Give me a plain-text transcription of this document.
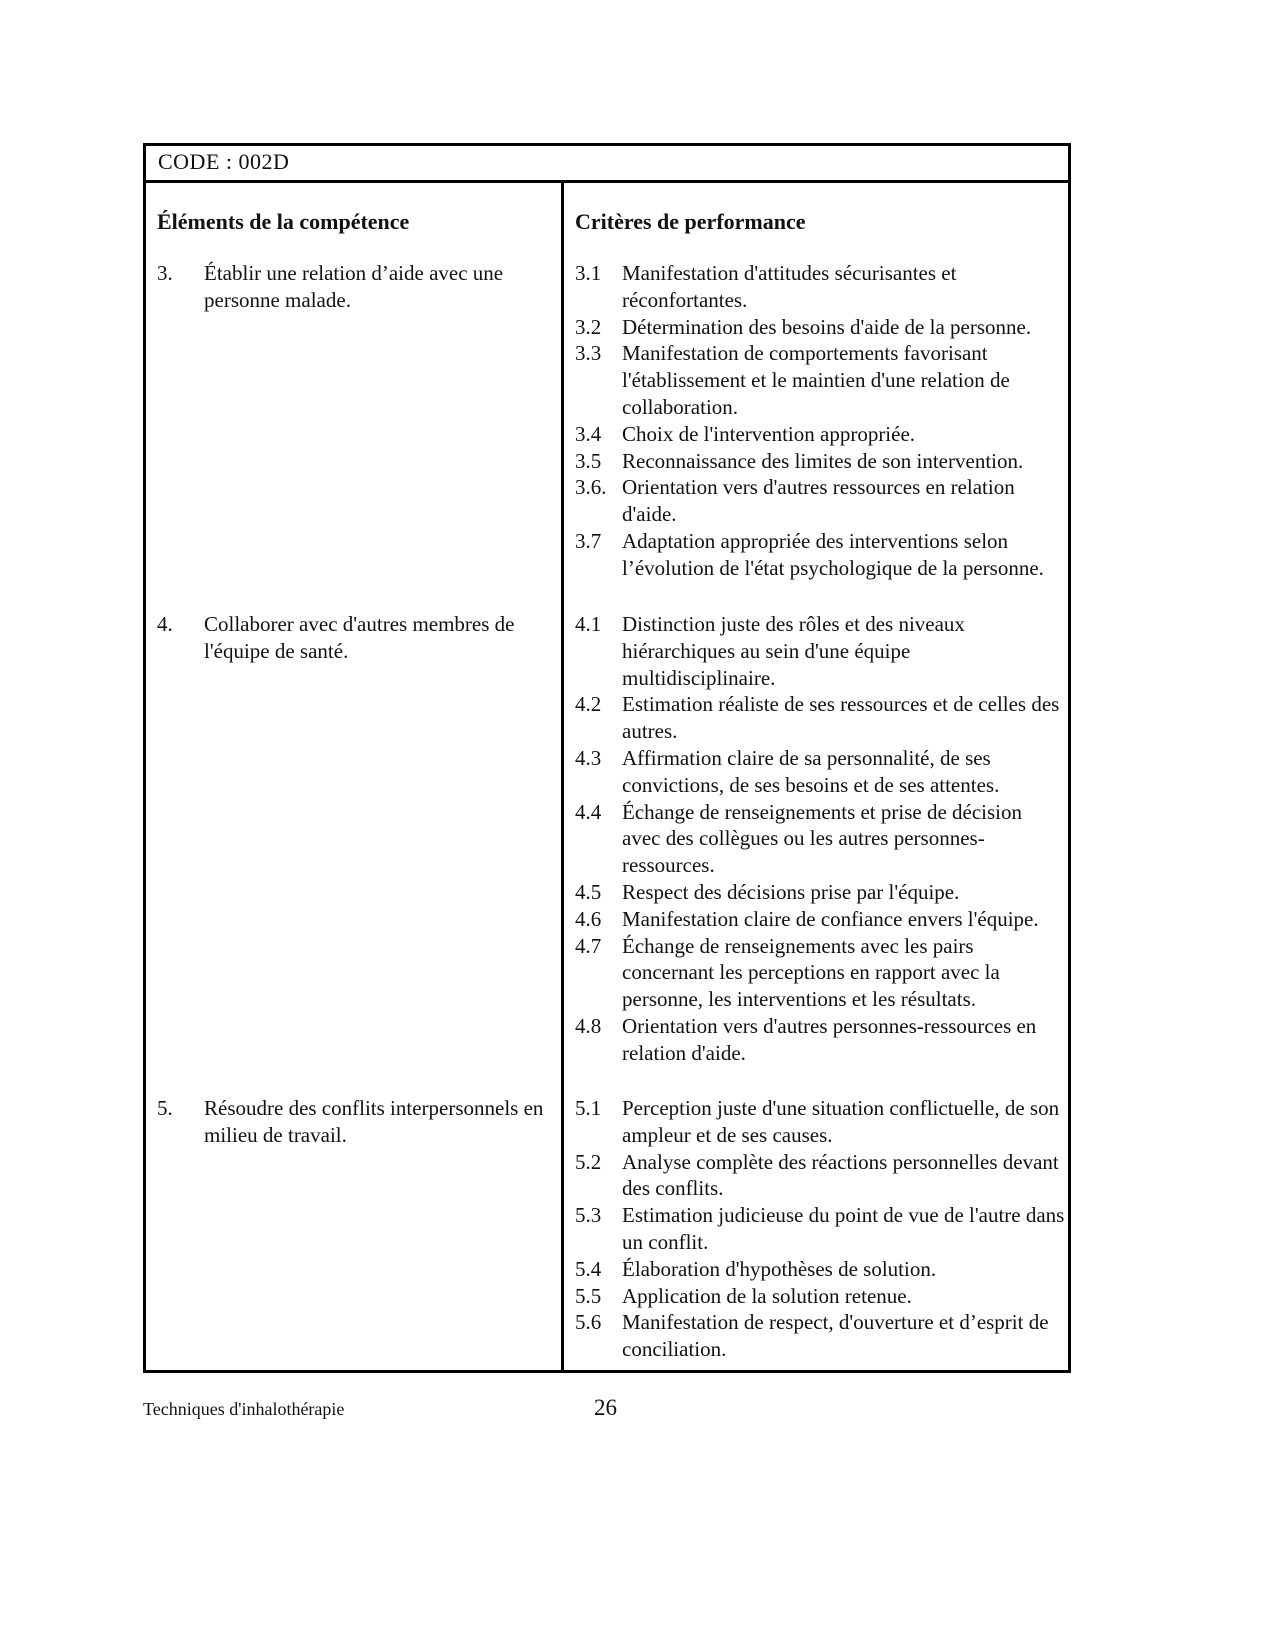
CODE : 002D
Éléments de la compétence
3. Établir une relation d’aide avec une personne malade.
4. Collaborer avec d'autres membres de l'équipe de santé.
5. Résoudre des conflits interpersonnels en milieu de travail.
Critères de performance
3.1 Manifestation d'attitudes sécurisantes et réconfortantes.
3.2 Détermination des besoins d'aide de la personne.
3.3 Manifestation de comportements favorisant l'établissement et le maintien d'une relation de collaboration.
3.4 Choix de l'intervention appropriée.
3.5 Reconnaissance des limites de son intervention.
3.6. Orientation vers d'autres ressources en relation d'aide.
3.7 Adaptation appropriée des interventions selon l’évolution de l'état psychologique de la personne.
4.1 Distinction juste des rôles et des niveaux hiérarchiques au sein d'une équipe multidisciplinaire.
4.2 Estimation réaliste de ses ressources et de celles des autres.
4.3 Affirmation claire de sa personnalité, de ses convictions, de ses besoins et de ses attentes.
4.4 Échange de renseignements et prise de décision avec des collègues ou les autres personnes-ressources.
4.5 Respect des décisions prise par l'équipe.
4.6 Manifestation claire de confiance envers l'équipe.
4.7 Échange de renseignements avec les pairs concernant les perceptions en rapport avec la personne, les interventions et les résultats.
4.8 Orientation vers d'autres personnes-ressources en relation d'aide.
5.1 Perception juste d'une situation conflictuelle, de son ampleur et de ses causes.
5.2 Analyse complète des réactions personnelles devant des conflits.
5.3 Estimation judicieuse du point de vue de l'autre dans un conflit.
5.4 Élaboration d'hypothèses de solution.
5.5 Application de la solution retenue.
5.6 Manifestation de respect, d'ouverture et d’esprit de conciliation.
Techniques d'inhalothérapie	26
